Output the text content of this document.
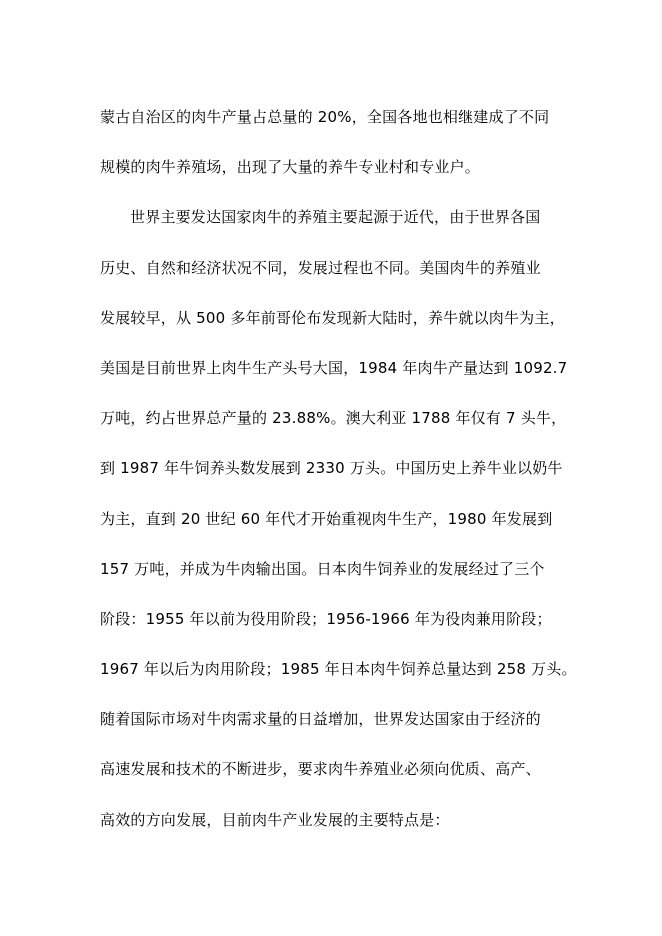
蒙古自治区的肉牛产量占总量的 20%，全国各地也相继建成了不同
规模的肉牛养殖场，出现了大量的养牛专业村和专业户。
世界主要发达国家肉牛的养殖主要起源于近代，由于世界各国
历史、自然和经济状况不同，发展过程也不同。美国肉牛的养殖业
发展较早，从 500 多年前哥伦布发现新大陆时，养牛就以肉牛为主，
美国是目前世界上肉牛生产头号大国，1984 年肉牛产量达到 1092.7
万吨，约占世界总产量的 23.88%。澳大利亚 1788 年仅有 7 头牛，
到 1987 年牛饲养头数发展到 2330 万头。中国历史上养牛业以奶牛
为主，直到 20 世纪 60 年代才开始重视肉牛生产，1980 年发展到
157 万吨，并成为牛肉输出国。日本肉牛饲养业的发展经过了三个
阶段：1955 年以前为役用阶段；1956-1966 年为役肉兼用阶段；
1967 年以后为肉用阶段；1985 年日本肉牛饲养总量达到 258 万头。
随着国际市场对牛肉需求量的日益增加，世界发达国家由于经济的
高速发展和技术的不断进步，要求肉牛养殖业必须向优质、高产、
高效的方向发展，目前肉牛产业发展的主要特点是：
